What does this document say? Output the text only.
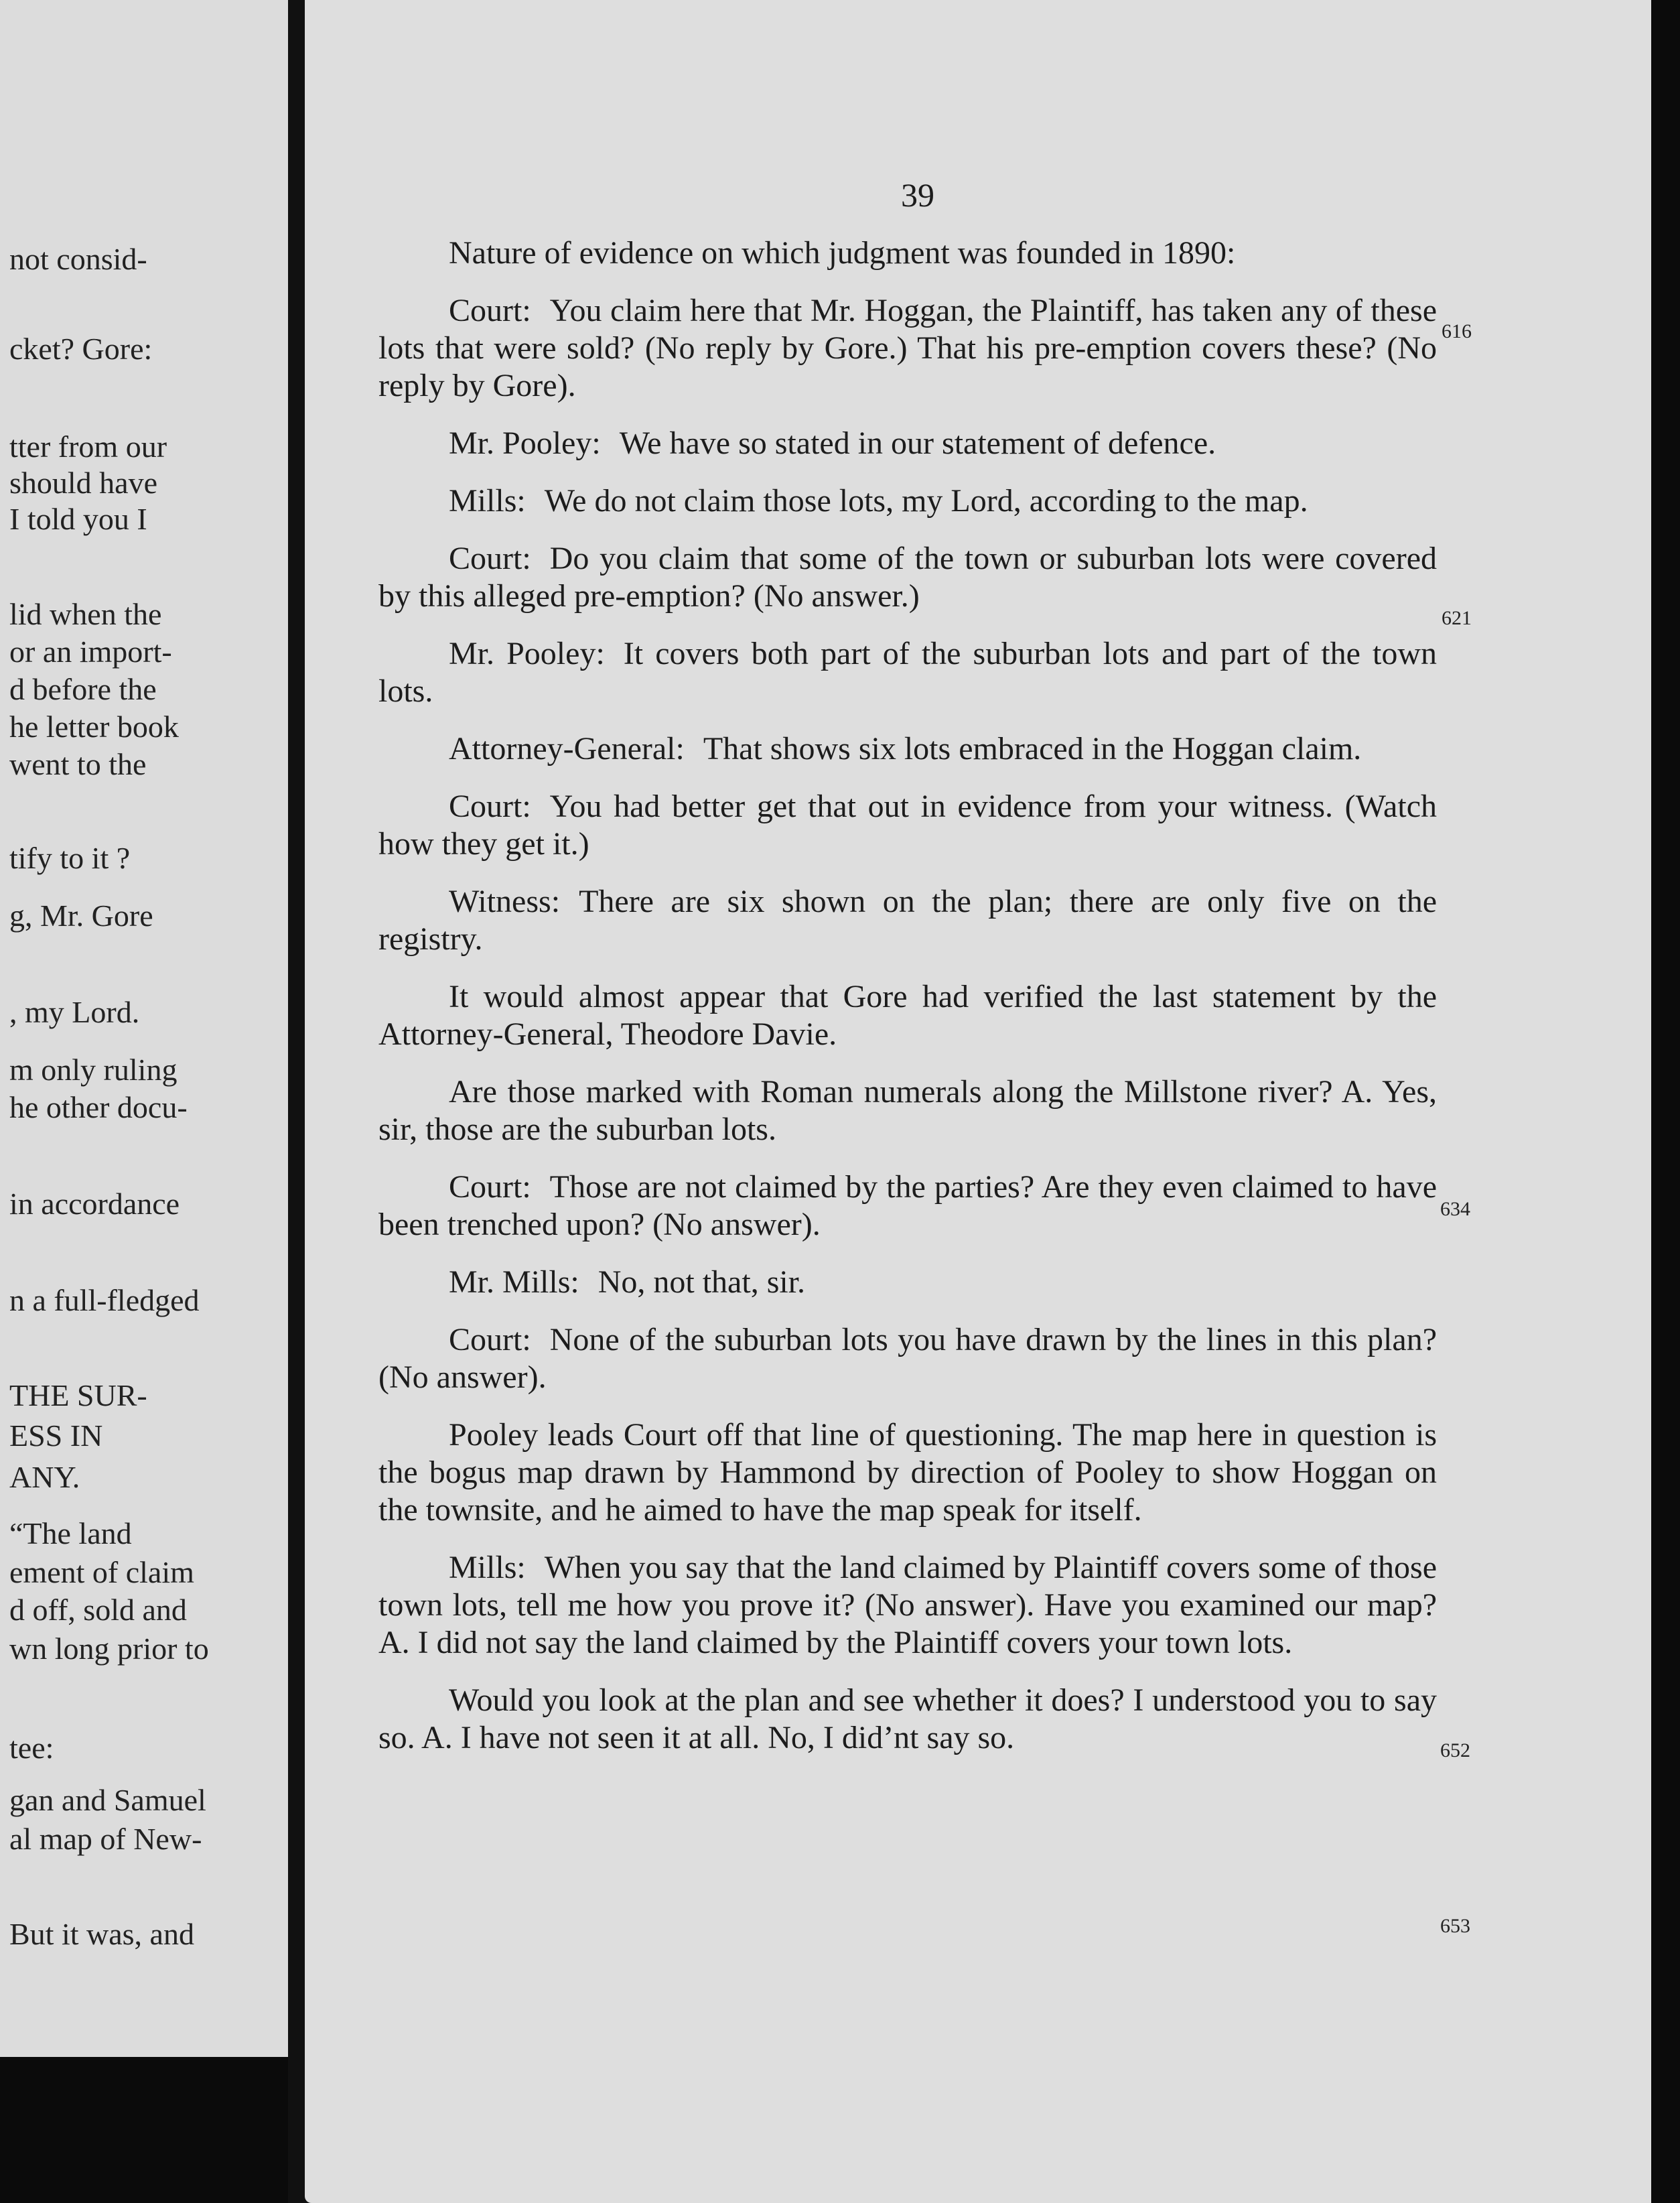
not consid-
cket? Gore:
tter from our
should have
I told you I
lid when the
or an import-
d before the
he letter book
went to the
tify to it ?
g, Mr. Gore
, my Lord.
m only ruling
he other docu-
in accordance
n a full-fledged
THE SUR-
ESS IN
ANY.
“The land
ement of claim
d off, sold and
wn long prior to
tee:
gan and Samuel
al map of New-
But it was, and
39

Nature of evidence on which judgment was founded in 1890:

Court: You claim here that Mr. Hoggan, the Plaintiff, has taken any of these lots that were sold? (No reply by Gore.) That his pre-emption covers these? (No reply by Gore).

Mr. Pooley: We have so stated in our statement of defence.

Mills: We do not claim those lots, my Lord, according to the map.

Court: Do you claim that some of the town or suburban lots were covered by this alleged pre-emption? (No answer.)

Mr. Pooley: It covers both part of the suburban lots and part of the town lots.

Attorney-General: That shows six lots embraced in the Hoggan claim.

Court: You had better get that out in evidence from your witness. (Watch how they get it.)

Witness: There are six shown on the plan; there are only five on the registry.

It would almost appear that Gore had verified the last statement by the Attorney-General, Theodore Davie.

Are those marked with Roman numerals along the Millstone river? A. Yes, sir, those are the suburban lots.

Court: Those are not claimed by the parties? Are they even claimed to have been trenched upon? (No answer).

Mr. Mills: No, not that, sir.

Court: None of the suburban lots you have drawn by the lines in this plan? (No answer).

Pooley leads Court off that line of questioning. The map here in question is the bogus map drawn by Hammond by direction of Pooley to show Hoggan on the townsite, and he aimed to have the map speak for itself.

Mills: When you say that the land claimed by Plaintiff covers some of those town lots, tell me how you prove it? (No answer). Have you examined our map? A. I did not say the land claimed by the Plaintiff covers your town lots.

Would you look at the plan and see whether it does? I understood you to say so. A. I have not seen it at all. No, I did’nt say so.

616
621
634
652
653
